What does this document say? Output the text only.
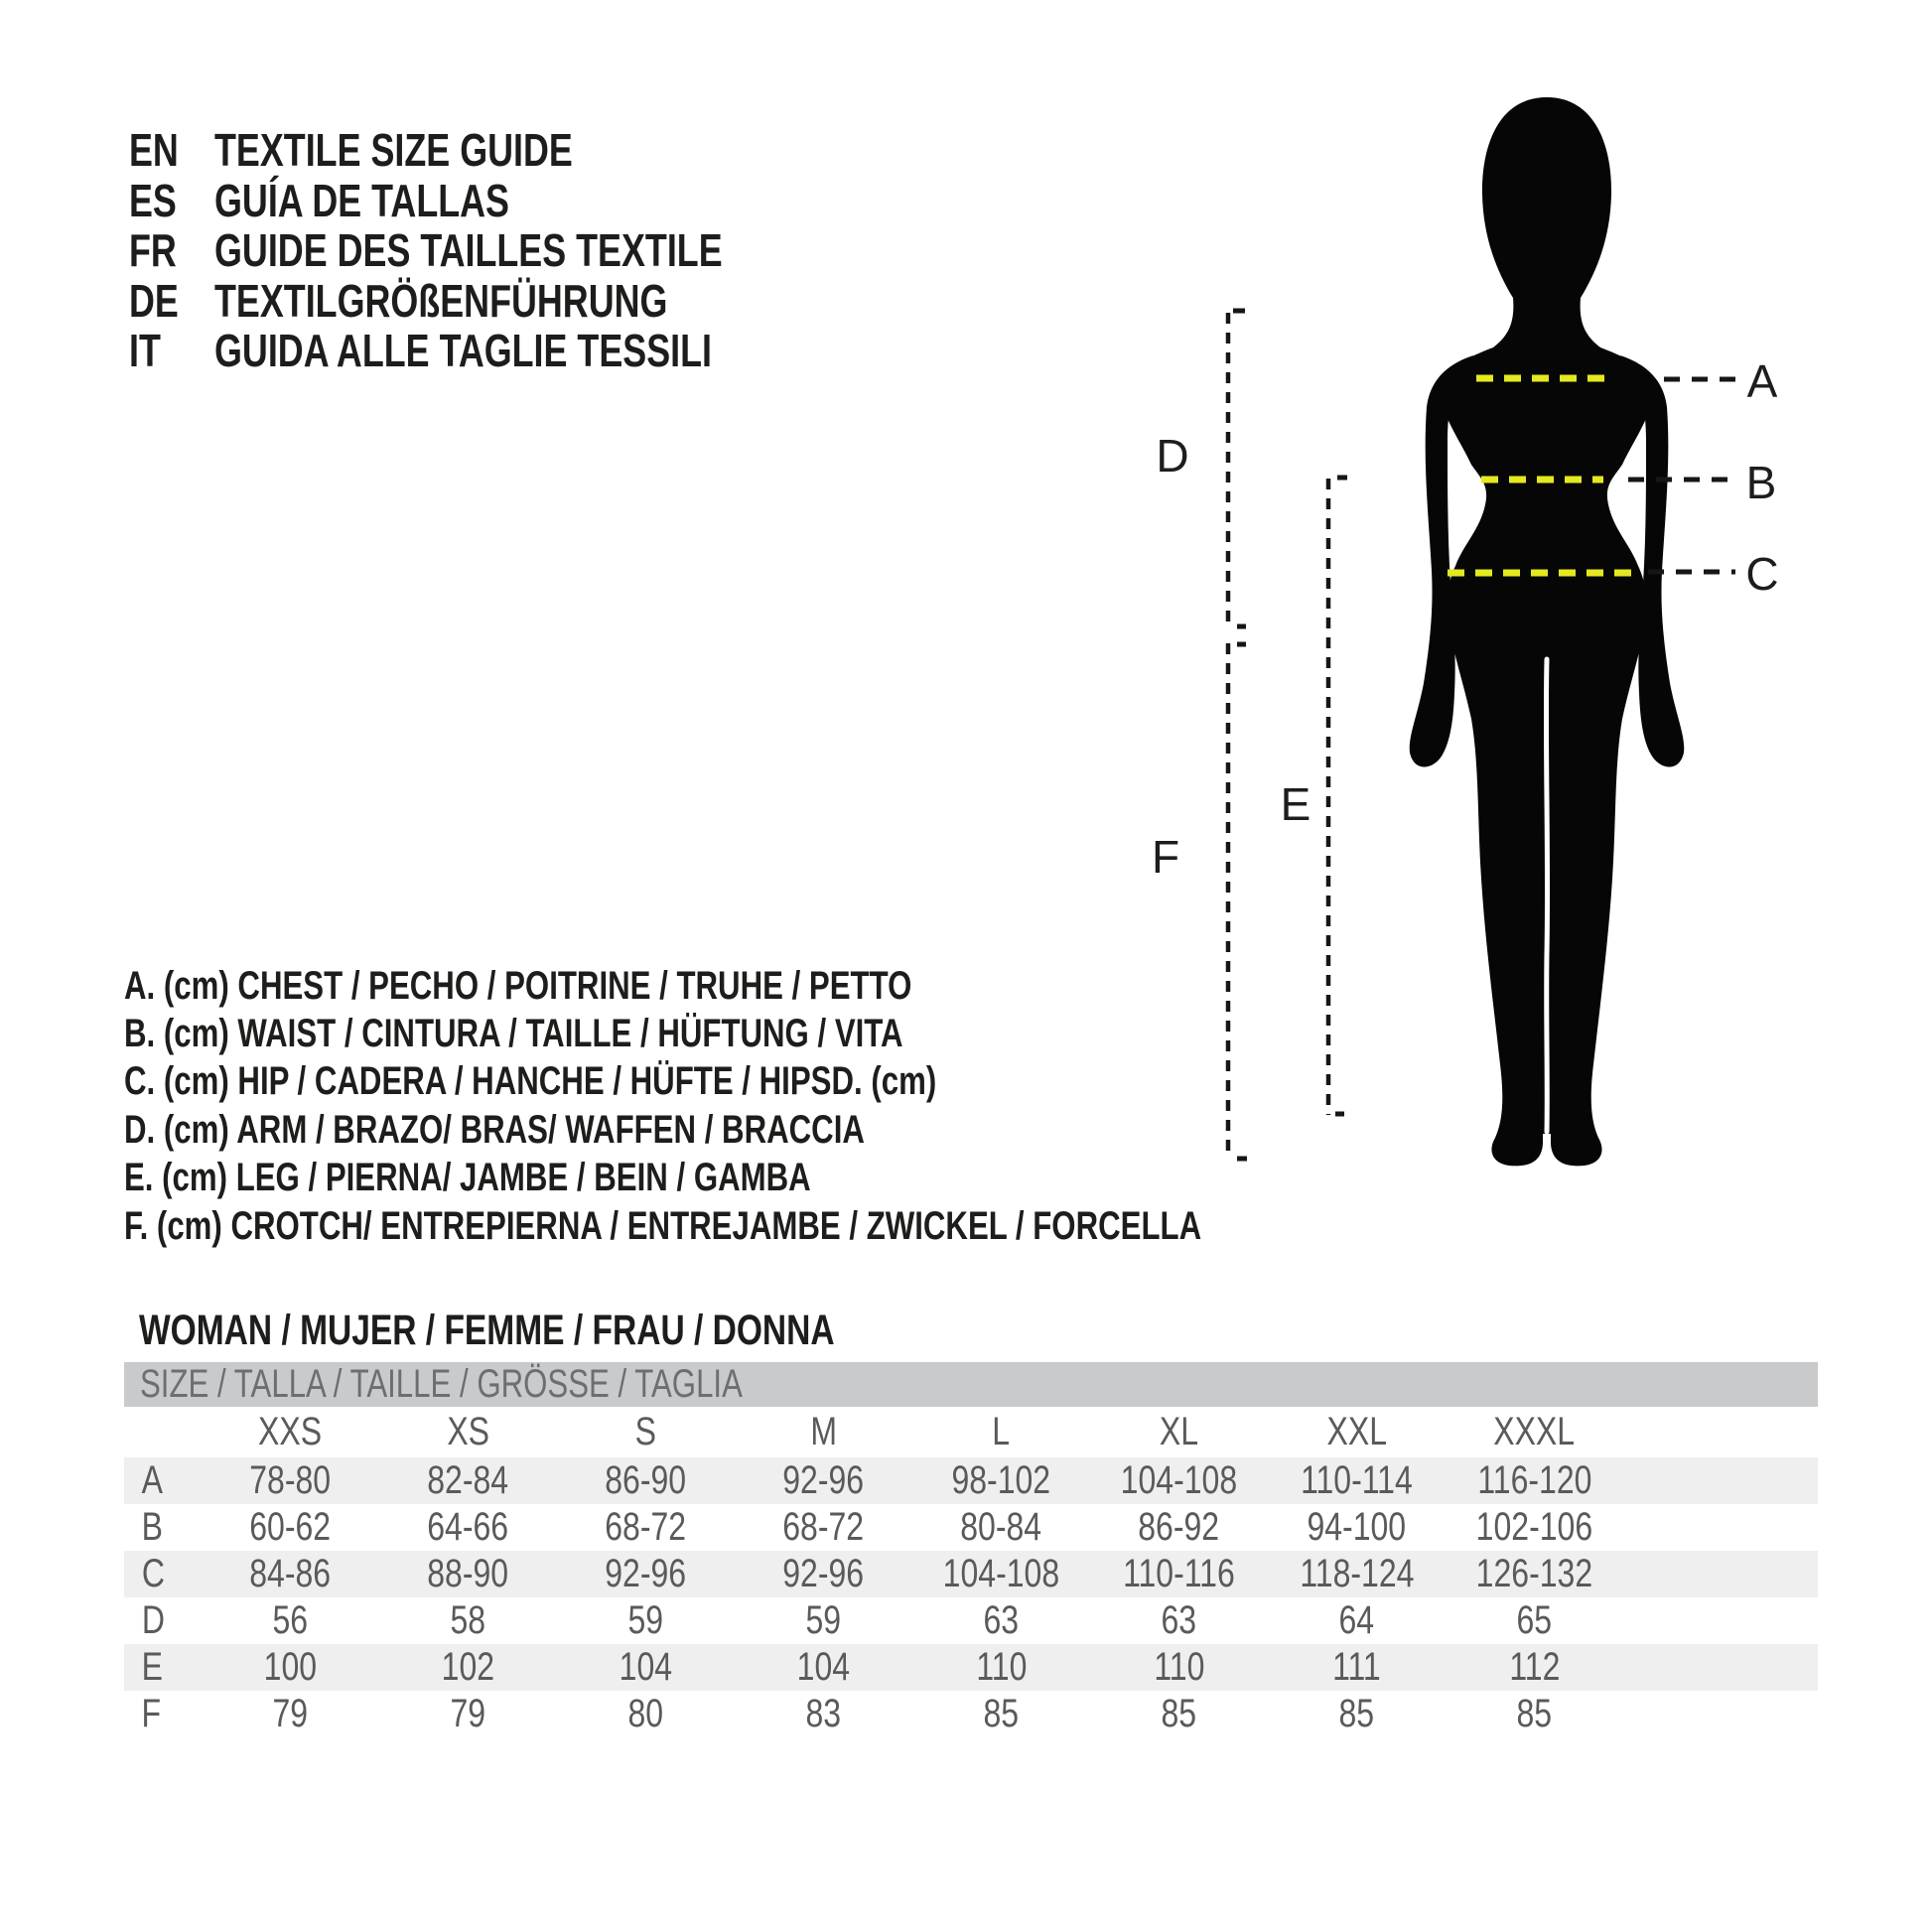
EN TEXTILE SIZE GUIDE
ES GUÍA DE TALLAS
FR GUIDE DES TAILLES TEXTILE
DE TEXTILGRÖßENFÜHRUNG
IT	GUIDA ALLE TAGLIE TESSILI
A
B
C
D
E
F
A. (cm) CHEST / PECHO / POITRINE / TRUHE / PETTO
B. (cm) WAIST / CINTURA / TAILLE / HÜFTUNG / VITA
C. (cm) HIP / CADERA / HANCHE / HÜFTE / HIPSD. (cm)
D. (cm) ARM / BRAZO/ BRAS/ WAFFEN / BRACCIA
E. (cm) LEG / PIERNA/ JAMBE / BEIN / GAMBA
F. (cm) CROTCH/ ENTREPIERNA / ENTREJAMBE / ZWICKEL / FORCELLA
WOMAN / MUJER / FEMME / FRAU / DONNA
SIZE / TALLA / TAILLE / GRÖSSE / TAGLIA
XXS	XS	S	M	L	XL	XXL	XXXL
A	78-80	82-84	86-90	92-96	98-102	104-108	110-114	116-120
B	60-62	64-66	68-72	68-72	80-84	86-92	94-100	102-106
C	84-86	88-90	92-96	92-96	104-108	110-116	118-124	126-132
D	56	58	59	59	63	63	64	65
E	100	102	104	104	110	110	111	112
F	79	79	80	83	85	85	85	85
